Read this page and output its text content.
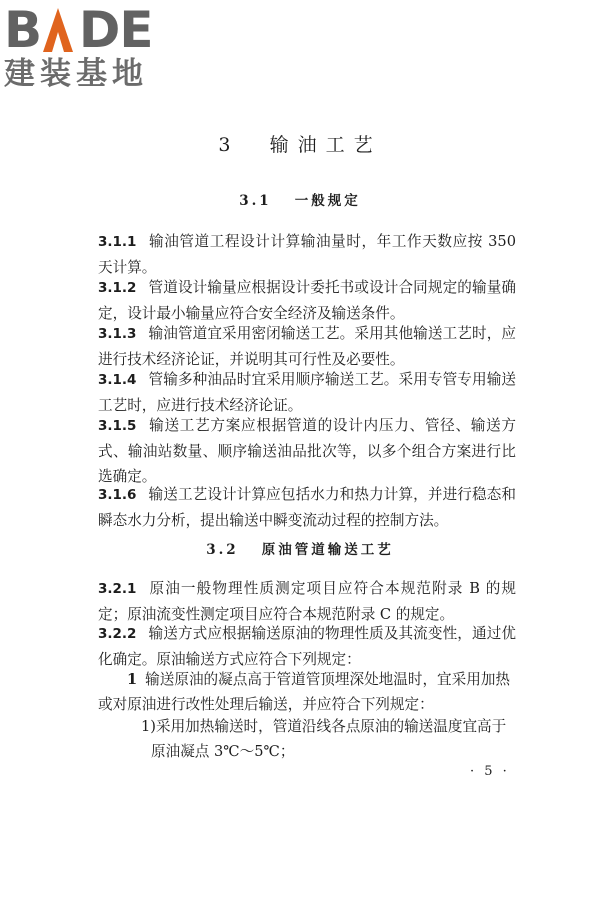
B DE
建装基地
3 输油工艺
3.1 一般规定
3.1.1 输油管道工程设计计算输油量时，年工作天数应按 350 天计算。
3.1.2 管道设计输量应根据设计委托书或设计合同规定的输量确定，设计最小输量应符合安全经济及输送条件。
3.1.3 输油管道宜采用密闭输送工艺。采用其他输送工艺时，应进行技术经济论证，并说明其可行性及必要性。
3.1.4 管输多种油品时宜采用顺序输送工艺。采用专管专用输送工艺时，应进行技术经济论证。
3.1.5 输送工艺方案应根据管道的设计内压力、管径、输送方式、输油站数量、顺序输送油品批次等，以多个组合方案进行比选确定。
3.1.6 输送工艺设计计算应包括水力和热力计算，并进行稳态和瞬态水力分析，提出输送中瞬变流动过程的控制方法。
3.2 原油管道输送工艺
3.2.1 原油一般物理性质测定项目应符合本规范附录 B 的规定；原油流变性测定项目应符合本规范附录 C 的规定。
3.2.2 输送方式应根据输送原油的物理性质及其流变性，通过优化确定。原油输送方式应符合下列规定：
1 输送原油的凝点高于管道管顶埋深处地温时，宜采用加热或对原油进行改性处理后输送，并应符合下列规定：
1)采用加热输送时，管道沿线各点原油的输送温度宜高于
原油凝点 3℃～5℃；
· 5 ·
